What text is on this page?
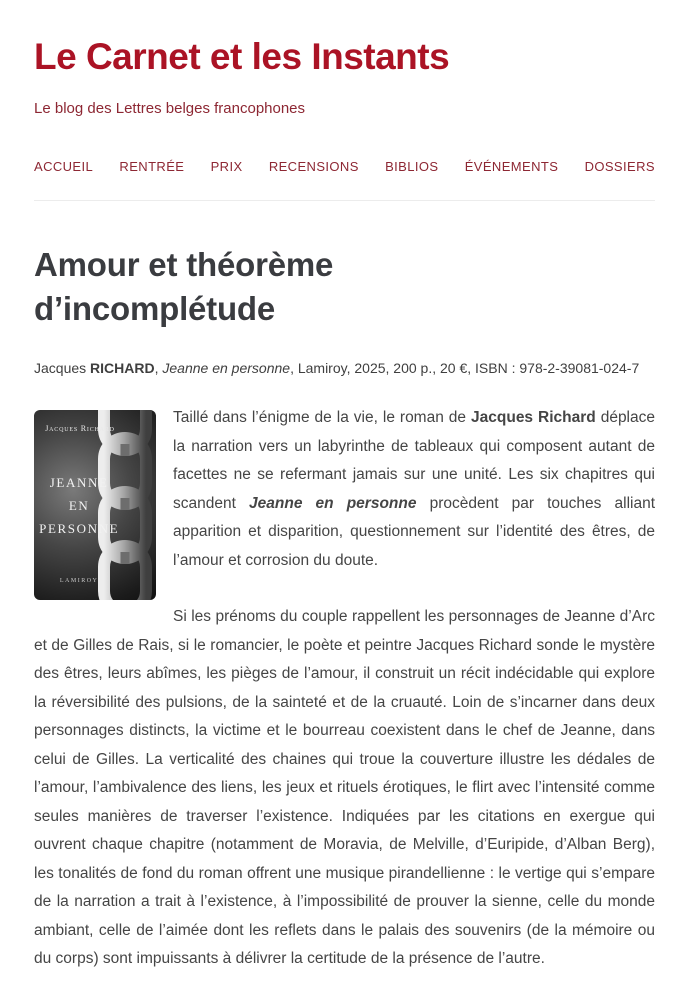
Le Carnet et les Instants

Le blog des Lettres belges francophones

ACCUEIL RENTRÉE PRIX RECENSIONS BIBLIOS ÉVÉNEMENTS DOSSIERS
Amour et théorème d’incomplétude

Jacques RICHARD, Jeanne en personne, Lamiroy, 2025, 200 p., 20 €, ISBN : 978-2-39081-024-7

Jacques Richard
JEANNE
EN
PERSONNE
LAMIROY

Taillé dans l’énigme de la vie, le roman de Jacques Richard déplace la narration vers un labyrinthe de tableaux qui composent autant de facettes ne se refermant jamais sur une unité. Les six chapitres qui scandent Jeanne en personne procèdent par touches alliant apparition et disparition, questionnement sur l’identité des êtres, de l’amour et corrosion du doute.

Si les prénoms du couple rappellent les personnages de Jeanne d’Arc et de Gilles de Rais, si le romancier, le poète et peintre Jacques Richard sonde le mystère des êtres, leurs abîmes, les pièges de l’amour, il construit un récit indécidable qui explore la réversibilité des pulsions, de la sainteté et de la cruauté. Loin de s’incarner dans deux personnages distincts, la victime et le bourreau coexistent dans le chef de Jeanne, dans celui de Gilles. La verticalité des chaines qui troue la couverture illustre les dédales de l’amour, l’ambivalence des liens, les jeux et rituels érotiques, le flirt avec l’intensité comme seules manières de traverser l’existence. Indiquées par les citations en exergue qui ouvrent chaque chapitre (notamment de Moravia, de Melville, d’Euripide, d’Alban Berg), les tonalités de fond du roman offrent une musique pirandellienne : le vertige qui s’empare de la narration a trait à l’existence, à l’impossibilité de prouver la sienne, celle du monde ambiant, celle de l’aimée dont les reflets dans le palais des souvenirs (de la mémoire ou du corps) sont impuissants à délivrer la certitude de la présence de l’autre.
